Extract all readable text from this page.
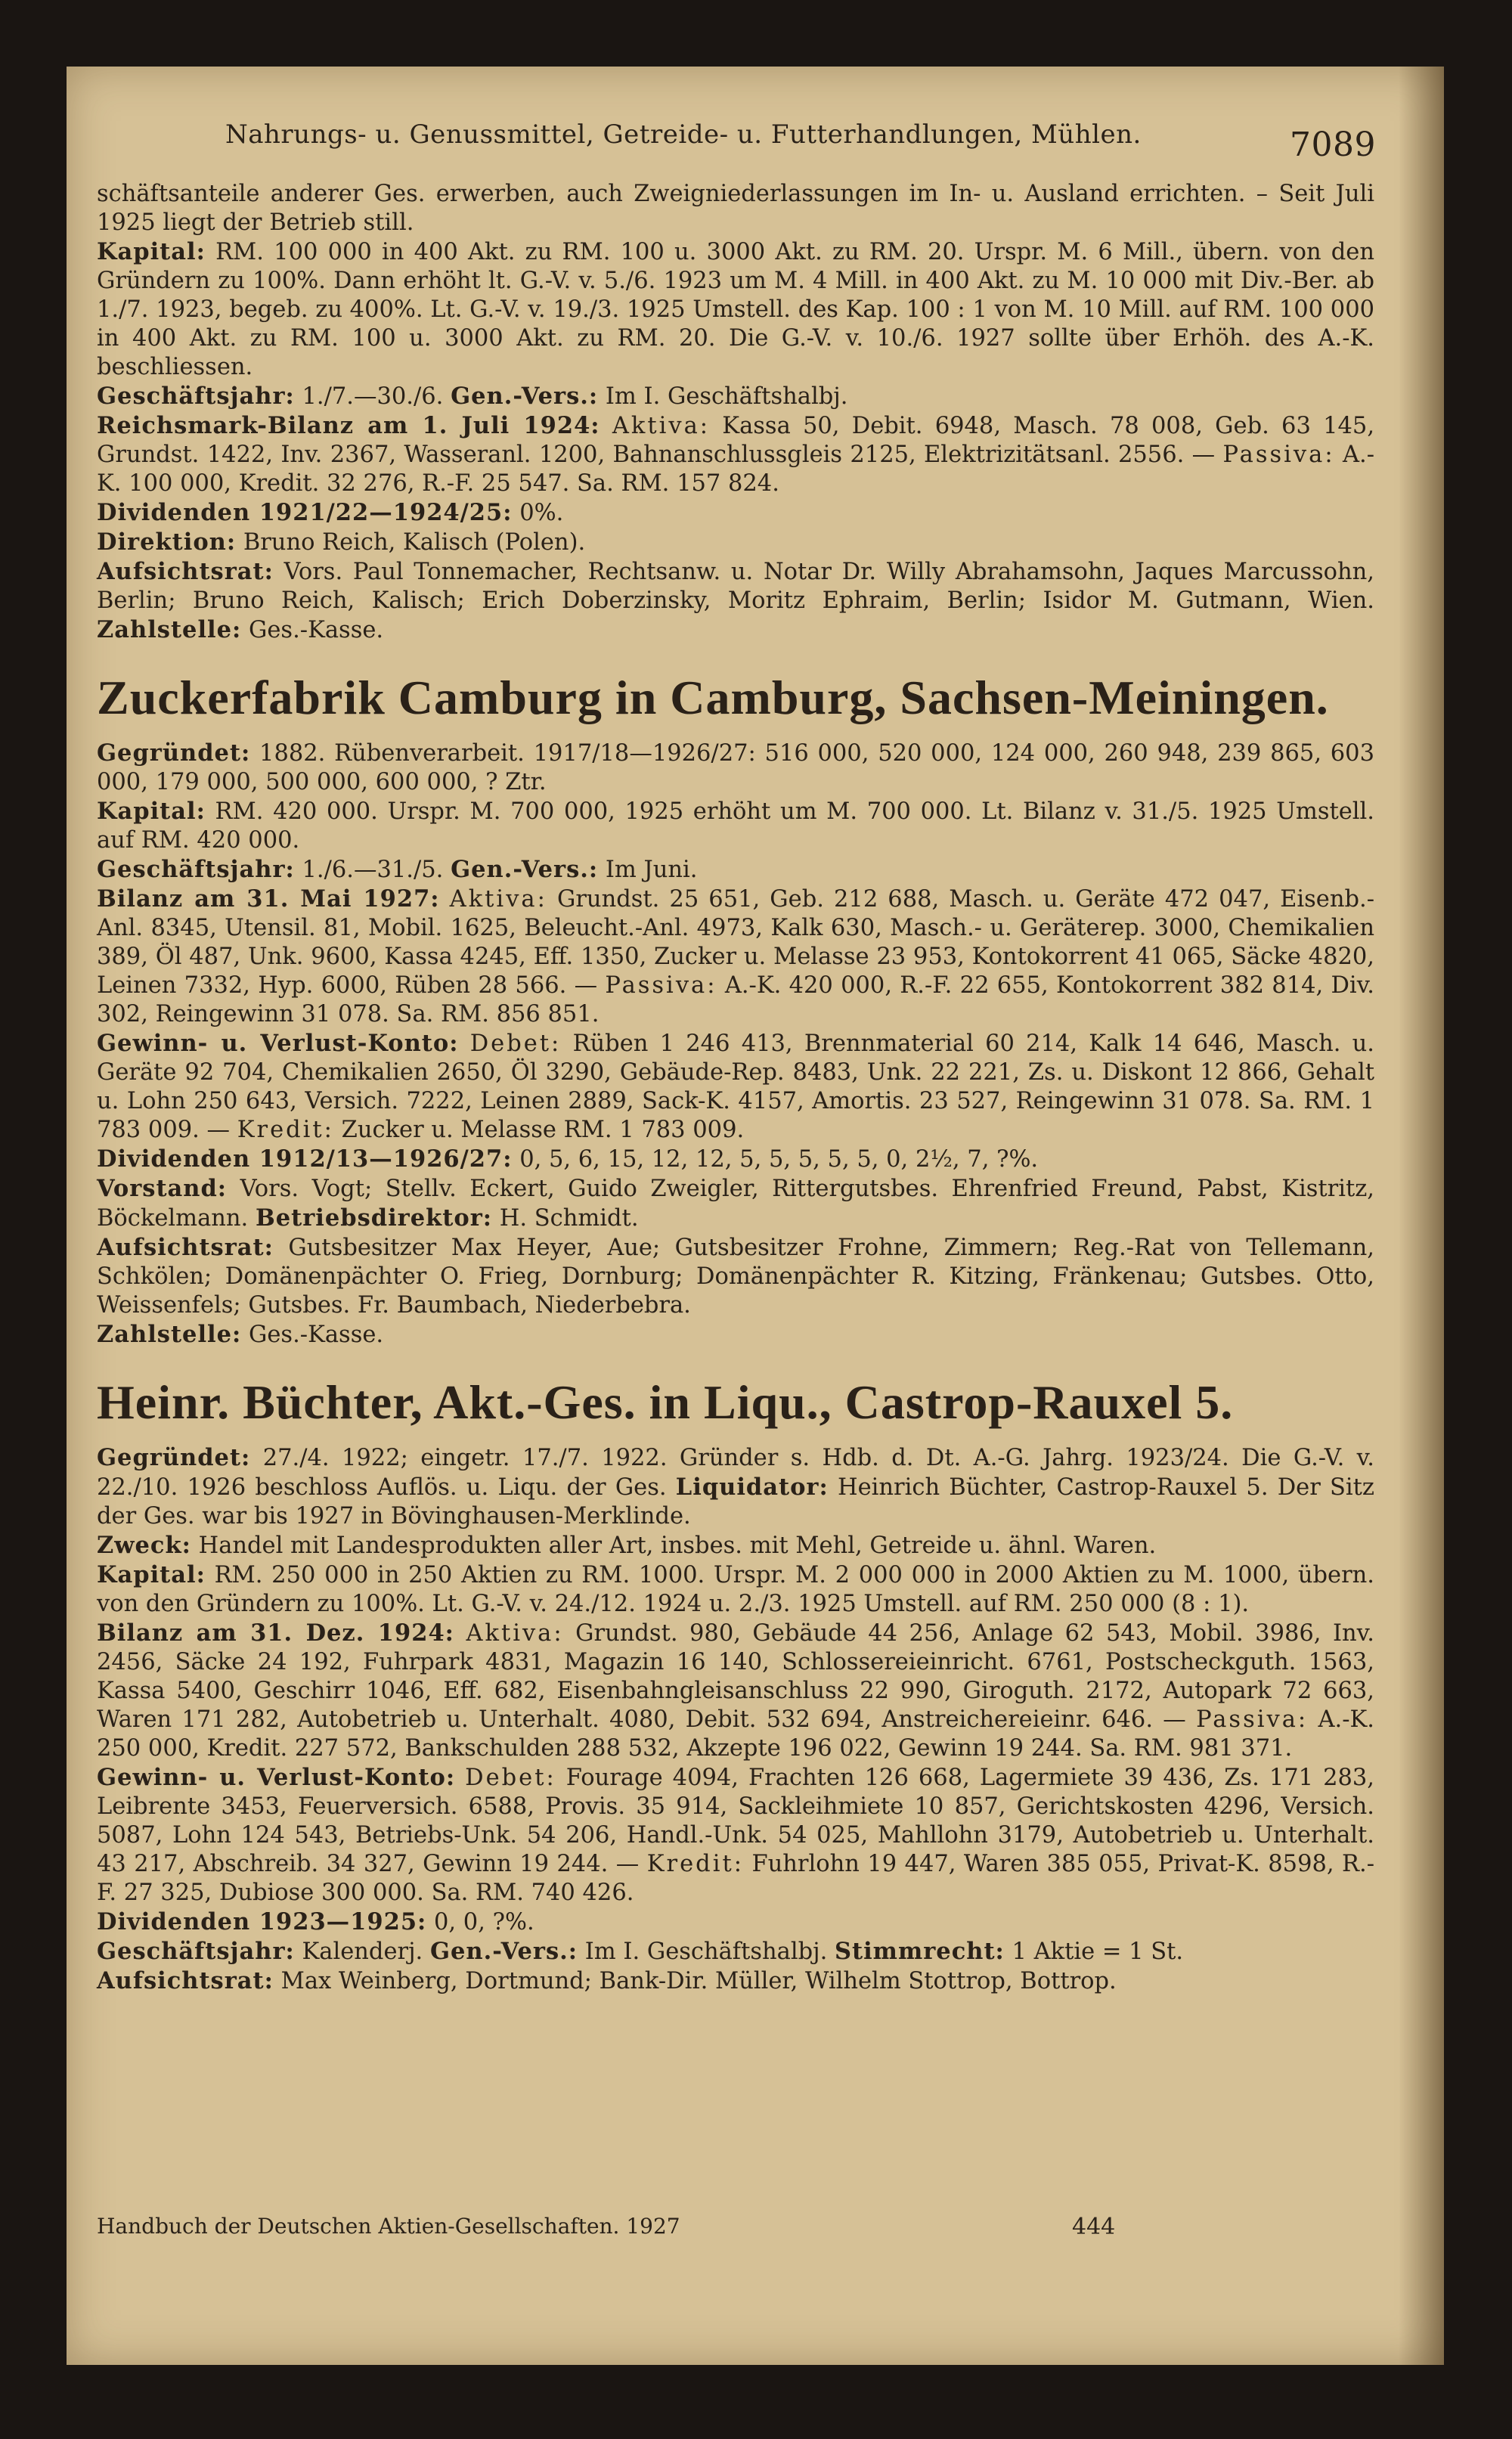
Nahrungs- u. Genussmittel, Getreide- u. Futterhandlungen, Mühlen.	7089

schäftsanteile anderer Ges. erwerben, auch Zweigniederlassungen im In- u. Ausland errichten. – Seit Juli 1925 liegt der Betrieb still.

Kapital: RM. 100 000 in 400 Akt. zu RM. 100 u. 3000 Akt. zu RM. 20. Urspr. M. 6 Mill., übern. von den Gründern zu 100%. Dann erhöht lt. G.-V. v. 5./6. 1923 um M. 4 Mill. in 400 Akt. zu M. 10 000 mit Div.-Ber. ab 1./7. 1923, begeb. zu 400%. Lt. G.-V. v. 19./3. 1925 Umstell. des Kap. 100 : 1 von M. 10 Mill. auf RM. 100 000 in 400 Akt. zu RM. 100 u. 3000 Akt. zu RM. 20. Die G.-V. v. 10./6. 1927 sollte über Erhöh. des A.-K. beschliessen.

Geschäftsjahr: 1./7.—30./6. Gen.-Vers.: Im I. Geschäftshalbj.

Reichsmark-Bilanz am 1. Juli 1924: Aktiva: Kassa 50, Debit. 6948, Masch. 78 008, Geb. 63 145, Grundst. 1422, Inv. 2367, Wasseranl. 1200, Bahnanschlussgleis 2125, Elektrizitätsanl. 2556. — Passiva: A.-K. 100 000, Kredit. 32 276, R.-F. 25 547. Sa. RM. 157 824.

Dividenden 1921/22—1924/25: 0%.

Direktion: Bruno Reich, Kalisch (Polen).

Aufsichtsrat: Vors. Paul Tonnemacher, Rechtsanw. u. Notar Dr. Willy Abrahamsohn, Jaques Marcussohn, Berlin; Bruno Reich, Kalisch; Erich Doberzinsky, Moritz Ephraim, Berlin; Isidor M. Gutmann, Wien. Zahlstelle: Ges.-Kasse.

Zuckerfabrik Camburg in Camburg, Sachsen-Meiningen.

Gegründet: 1882. Rübenverarbeit. 1917/18—1926/27: 516 000, 520 000, 124 000, 260 948, 239 865, 603 000, 179 000, 500 000, 600 000, ? Ztr.

Kapital: RM. 420 000. Urspr. M. 700 000, 1925 erhöht um M. 700 000. Lt. Bilanz v. 31./5. 1925 Umstell. auf RM. 420 000.

Geschäftsjahr: 1./6.—31./5. Gen.-Vers.: Im Juni.

Bilanz am 31. Mai 1927: Aktiva: Grundst. 25 651, Geb. 212 688, Masch. u. Geräte 472 047, Eisenb.-Anl. 8345, Utensil. 81, Mobil. 1625, Beleucht.-Anl. 4973, Kalk 630, Masch.- u. Geräterep. 3000, Chemikalien 389, Öl 487, Unk. 9600, Kassa 4245, Eff. 1350, Zucker u. Melasse 23 953, Kontokorrent 41 065, Säcke 4820, Leinen 7332, Hyp. 6000, Rüben 28 566. — Passiva: A.-K. 420 000, R.-F. 22 655, Kontokorrent 382 814, Div. 302, Reingewinn 31 078. Sa. RM. 856 851.

Gewinn- u. Verlust-Konto: Debet: Rüben 1 246 413, Brennmaterial 60 214, Kalk 14 646, Masch. u. Geräte 92 704, Chemikalien 2650, Öl 3290, Gebäude-Rep. 8483, Unk. 22 221, Zs. u. Diskont 12 866, Gehalt u. Lohn 250 643, Versich. 7222, Leinen 2889, Sack-K. 4157, Amortis. 23 527, Reingewinn 31 078. Sa. RM. 1 783 009. — Kredit: Zucker u. Melasse RM. 1 783 009.

Dividenden 1912/13—1926/27: 0, 5, 6, 15, 12, 12, 5, 5, 5, 5, 5, 0, 2½, 7, ?%.

Vorstand: Vors. Vogt; Stellv. Eckert, Guido Zweigler, Rittergutsbes. Ehrenfried Freund, Pabst, Kistritz, Böckelmann. Betriebsdirektor: H. Schmidt.

Aufsichtsrat: Gutsbesitzer Max Heyer, Aue; Gutsbesitzer Frohne, Zimmern; Reg.-Rat von Tellemann, Schkölen; Domänenpächter O. Frieg, Dornburg; Domänenpächter R. Kitzing, Fränkenau; Gutsbes. Otto, Weissenfels; Gutsbes. Fr. Baumbach, Niederbebra.

Zahlstelle: Ges.-Kasse.

Heinr. Büchter, Akt.-Ges. in Liqu., Castrop-Rauxel 5.

Gegründet: 27./4. 1922; eingetr. 17./7. 1922. Gründer s. Hdb. d. Dt. A.-G. Jahrg. 1923/24. Die G.-V. v. 22./10. 1926 beschloss Auflös. u. Liqu. der Ges. Liquidator: Heinrich Büchter, Castrop-Rauxel 5. Der Sitz der Ges. war bis 1927 in Bövinghausen-Merklinde.

Zweck: Handel mit Landesprodukten aller Art, insbes. mit Mehl, Getreide u. ähnl. Waren.

Kapital: RM. 250 000 in 250 Aktien zu RM. 1000. Urspr. M. 2 000 000 in 2000 Aktien zu M. 1000, übern. von den Gründern zu 100%. Lt. G.-V. v. 24./12. 1924 u. 2./3. 1925 Umstell. auf RM. 250 000 (8 : 1).

Bilanz am 31. Dez. 1924: Aktiva: Grundst. 980, Gebäude 44 256, Anlage 62 543, Mobil. 3986, Inv. 2456, Säcke 24 192, Fuhrpark 4831, Magazin 16 140, Schlossereieinricht. 6761, Postscheckguth. 1563, Kassa 5400, Geschirr 1046, Eff. 682, Eisenbahngleisanschluss 22 990, Giroguth. 2172, Autopark 72 663, Waren 171 282, Autobetrieb u. Unterhalt. 4080, Debit. 532 694, Anstreichereieinr. 646. — Passiva: A.-K. 250 000, Kredit. 227 572, Bankschulden 288 532, Akzepte 196 022, Gewinn 19 244. Sa. RM. 981 371.

Gewinn- u. Verlust-Konto: Debet: Fourage 4094, Frachten 126 668, Lagermiete 39 436, Zs. 171 283, Leibrente 3453, Feuerversich. 6588, Provis. 35 914, Sackleihmiete 10 857, Gerichtskosten 4296, Versich. 5087, Lohn 124 543, Betriebs-Unk. 54 206, Handl.-Unk. 54 025, Mahllohn 3179, Autobetrieb u. Unterhalt. 43 217, Abschreib. 34 327, Gewinn 19 244. — Kredit: Fuhrlohn 19 447, Waren 385 055, Privat-K. 8598, R.-F. 27 325, Dubiose 300 000. Sa. RM. 740 426.

Dividenden 1923—1925: 0, 0, ?%.

Geschäftsjahr: Kalenderj. Gen.-Vers.: Im I. Geschäftshalbj. Stimmrecht: 1 Aktie = 1 St.

Aufsichtsrat: Max Weinberg, Dortmund; Bank-Dir. Müller, Wilhelm Stottrop, Bottrop.

Handbuch der Deutschen Aktien-Gesellschaften. 1927	444
